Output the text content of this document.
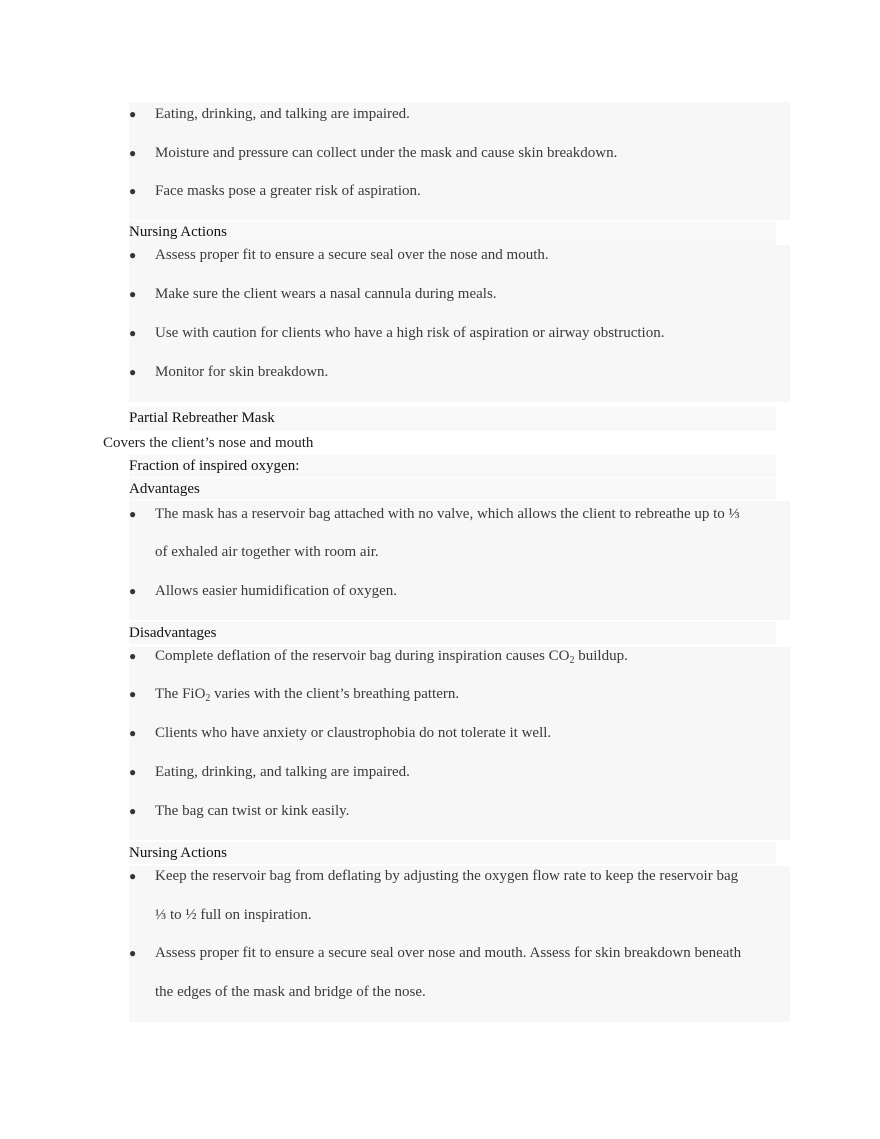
●	Eating, drinking, and talking are impaired.
●	Moisture and pressure can collect under the mask and cause skin breakdown.
●	Face masks pose a greater risk of aspiration.
Nursing Actions
●	Assess proper fit to ensure a secure seal over the nose and mouth.
●	Make sure the client wears a nasal cannula during meals.
●	Use with caution for clients who have a high risk of aspiration or airway obstruction.
●	Monitor for skin breakdown.
Partial Rebreather Mask
Covers the client’s nose and mouth
Fraction of inspired oxygen:
Advantages
●	The mask has a reservoir bag attached with no valve, which allows the client to rebreathe up to ⅓
of exhaled air together with room air.
●	Allows easier humidification of oxygen.
Disadvantages
●	Complete deflation of the reservoir bag during inspiration causes $CO_2$ buildup.
●	The FiO$_2$ varies with the client’s breathing pattern.
●	Clients who have anxiety or claustrophobia do not tolerate it well.
●	Eating, drinking, and talking are impaired.
●	The bag can twist or kink easily.
Nursing Actions
●	Keep the reservoir bag from deflating by adjusting the oxygen flow rate to keep the reservoir bag
⅓ to ½ full on inspiration.
●	Assess proper fit to ensure a secure seal over nose and mouth. Assess for skin breakdown beneath
the edges of the mask and bridge of the nose.
